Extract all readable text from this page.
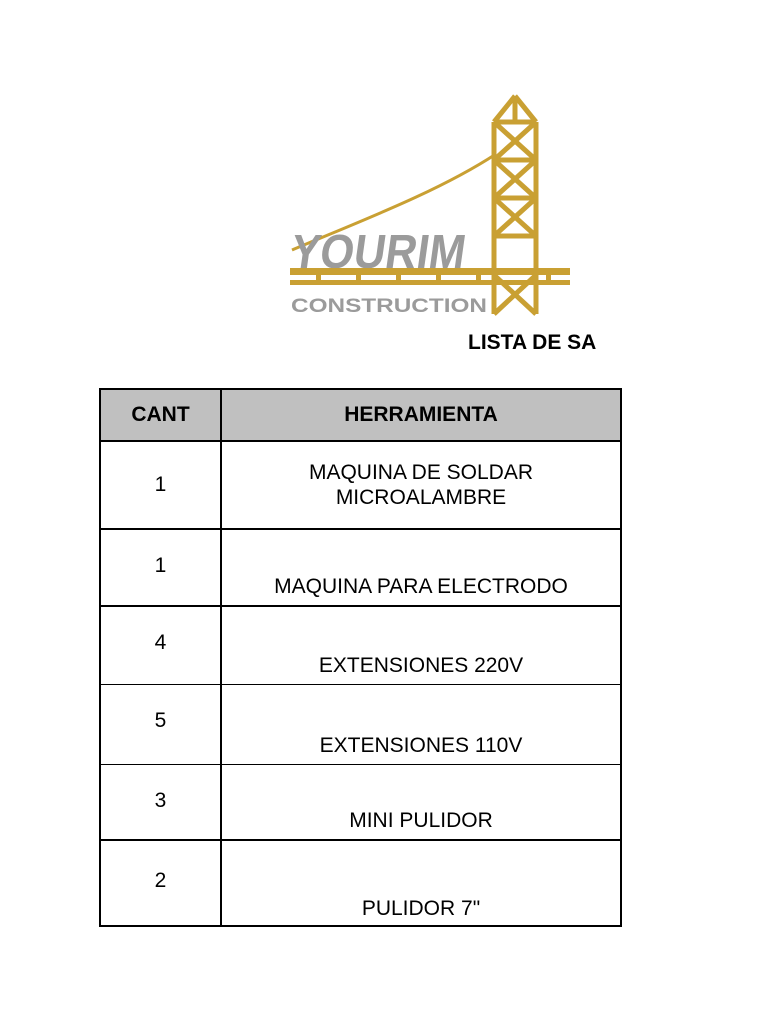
YOURIM
CONSTRUCTION
LISTA DE SA
CANT	HERRAMIENTA
1	MAQUINA DE SOLDAR MICROALAMBRE
1	MAQUINA PARA ELECTRODO
4	EXTENSIONES 220V
5	EXTENSIONES 110V
3	MINI PULIDOR
2	PULIDOR 7"
